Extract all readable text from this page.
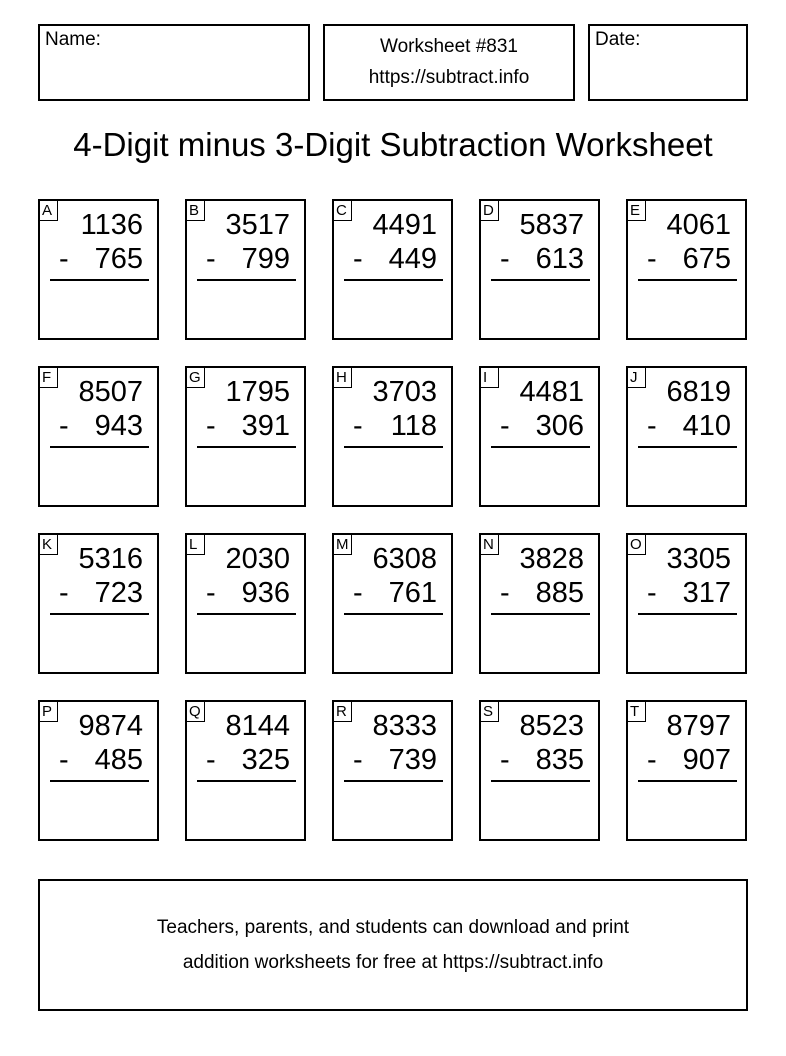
Name:	Worksheet #831
https://subtract.info
Date:
4-Digit minus 3-Digit Subtraction Worksheet
A 1136
- 765
B 3517
- 799
C 4491
- 449
D 5837
- 613
E 4061
- 675
F 8507
- 943
G 1795
- 391
H 3703
- 118
I	4481
- 306
J 6819
- 410
K 5316
- 723
L 2030
- 936
M 6308
- 761
N 3828
- 885
O 3305
- 317
P 9874
- 485
Q 8144
- 325
R 8333
- 739
S 8523
- 835
T 8797
- 907
Teachers, parents, and students can download and print
addition worksheets for free at https://subtract.info
